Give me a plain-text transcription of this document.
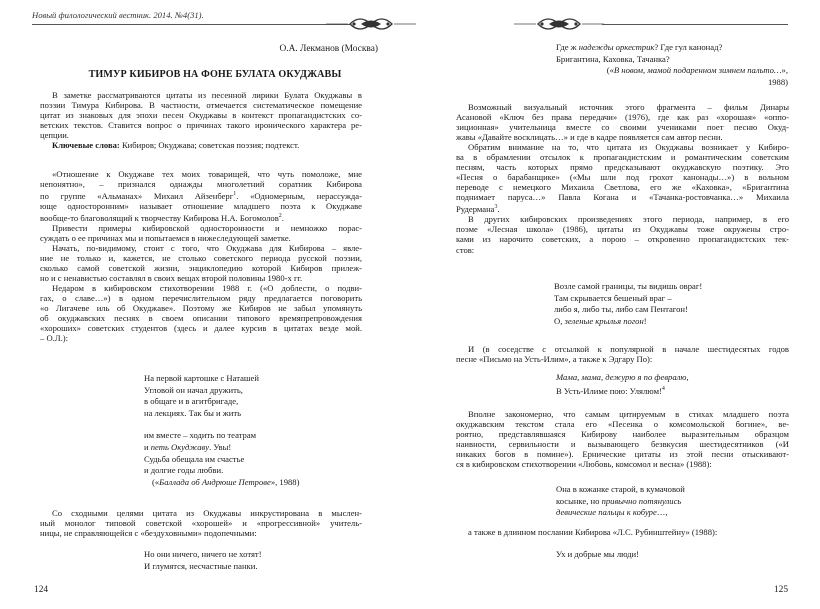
Новый филологический вестник. 2014. №4(31).
О.А. Лекманов (Москва)
ТИМУР КИБИРОВ НА ФОНЕ БУЛАТА ОКУДЖАВЫ

В заметке рассматриваются цитаты из песенной лирики Булата Окуджавы в

поэзии Тимура Кибирова. В частности, отмечается систематическое помещение

цитат из знаковых для эпохи песен Окуджавы в контекст пропагандистских со-

ветских текстов. Ставится вопрос о причинах такого иронического характера ре-

цепции.

Ключевые слова: Кибиров; Окуджава; советская поэзия; подтекст.

«Отношение к Окуджаве тех моих товарищей, что чуть помоложе, мне

непонятно», – признался однажды многолетний соратник Кибирова

по группе «Альманах» Михаил Айзенберг$^1$. «Одномерным, нерассужда-

юще односторонним» называет отношение младшего поэта к Окуджаве

вообще-то благоволящий к творчеству Кибирова Н.А. Богомолов$^2$.

Привести примеры кибировской односторонности и немножко порас-

суждать о ее причинах мы и попытаемся в нижеследующей заметке.

Начать, по-видимому, стоит с того, что Окуджава для Кибирова – явле-

ние не только и, кажется, не столько советского периода русской поэзии,

сколько самой советской жизни, энциклопедию которой Кибиров прилеж-

но и с ненавистью составлял в своих вещах второй половины 1980-х гг.

Недаром в кибировском стихотворении 1988 г. («О доблести, о подви-

гах, о славе…») в одном перечислительном ряду предлагается поговорить

«о Лигачеве иль об Окуджаве». Поэтому же Кибиров не забыл упомянуть

об окуджавских песнях в своем описании типового времяпрепровождения

«хороших» советских студентов (здесь и далее курсив в цитатах везде мой.

– О.Л.):

На первой картошке с Наташей
Угловой он начал дружить,
в общаге и в агитбригаде,
на лекциях. Так бы и жить
им вместе – ходить по театрам
и петь Окуджаву. Увы!
Судьба обещала им счастье
и долгие годы любви.
(«Баллада об Андрюше Петрове», 1988)

Со сходными целями цитата из Окуджавы инкрустирована в мыслен-

ный монолог типовой советской «хорошей» и «прогрессивной» учитель-

ницы, не справляющейся с «бездуховными» подопечными:

Но они ничего, ничего не хотят!
И глумятся, несчастные панки.
124
Где ж надежды оркестрик? Где гул канонад?
Бригантина, Каховка, Тачанка?
(«В новом, мамой подаренном зимнем пальто…»,
1988)

Возможный визуальный источник этого фрагмента – фильм Динары

Асановой «Ключ без права передачи» (1976), где как раз «хорошая» «оппо-

зиционная» учительница вместе со своими учениками поет песню Окуд-

жавы «Давайте восклицать…» и где в кадре появляется сам автор песни.

Обратим внимание на то, что цитата из Окуджавы возникает у Кибиро-

ва в обрамлении отсылок к пропагандистским и романтическим советским

песням, часть которых прямо предсказывают окуджавскую поэтику. Это

«Песня о барабанщике» («Мы шли под грохот канонады…») в вольном

переводе с немецкого Михаила Светлова, его же «Каховка», «Бригантина

поднимает паруса…» Павла Когана и «Тачанка-ростовчанка…» Михаила

Рудермана$^3$.

В других кибировских произведениях этого периода, например, в его

поэме «Лесная школа» (1986), цитаты из Окуджавы тоже окружены стро-

ками из нарочито советских, а порою – откровенно пропагандистских тек-

стов:

Возле самой границы, ты видишь овраг!
Там скрывается бешеный враг –
либо я, либо ты, либо сам Пентагон!
О, зеленые крылья погон!

И (в соседстве с отсылкой к популярной в начале шестидесятых годов

песне «Письмо на Усть-Илим», а также к Эдгару По):

Мама, мама, дежурю я по февралю,
В Усть-Илиме пою: Улялюм!$^4$

Вполне закономерно, что самым цитируемым в стихах младшего поэта

окуджавским текстом стала его «Песенка о комсомольской богине», ве-

роятно, представлявшаяся Кибирову наиболее выразительным образцом

наивности, сервильности и вызывающего безвкусия шестидесятников («И

никаких богов в помине»). Ернические цитаты из этой песни отыскивают-

ся в кибировском стихотворении «Любовь, комсомол и весна» (1988):

Она в кожанке старой, в кумачовой
косынке, но привычно потянулись
девические пальцы к кобуре…,

а также в длинном послании Кибирова «Л.С. Рубинштейну» (1988):

Ух и добрые мы люди!
125
